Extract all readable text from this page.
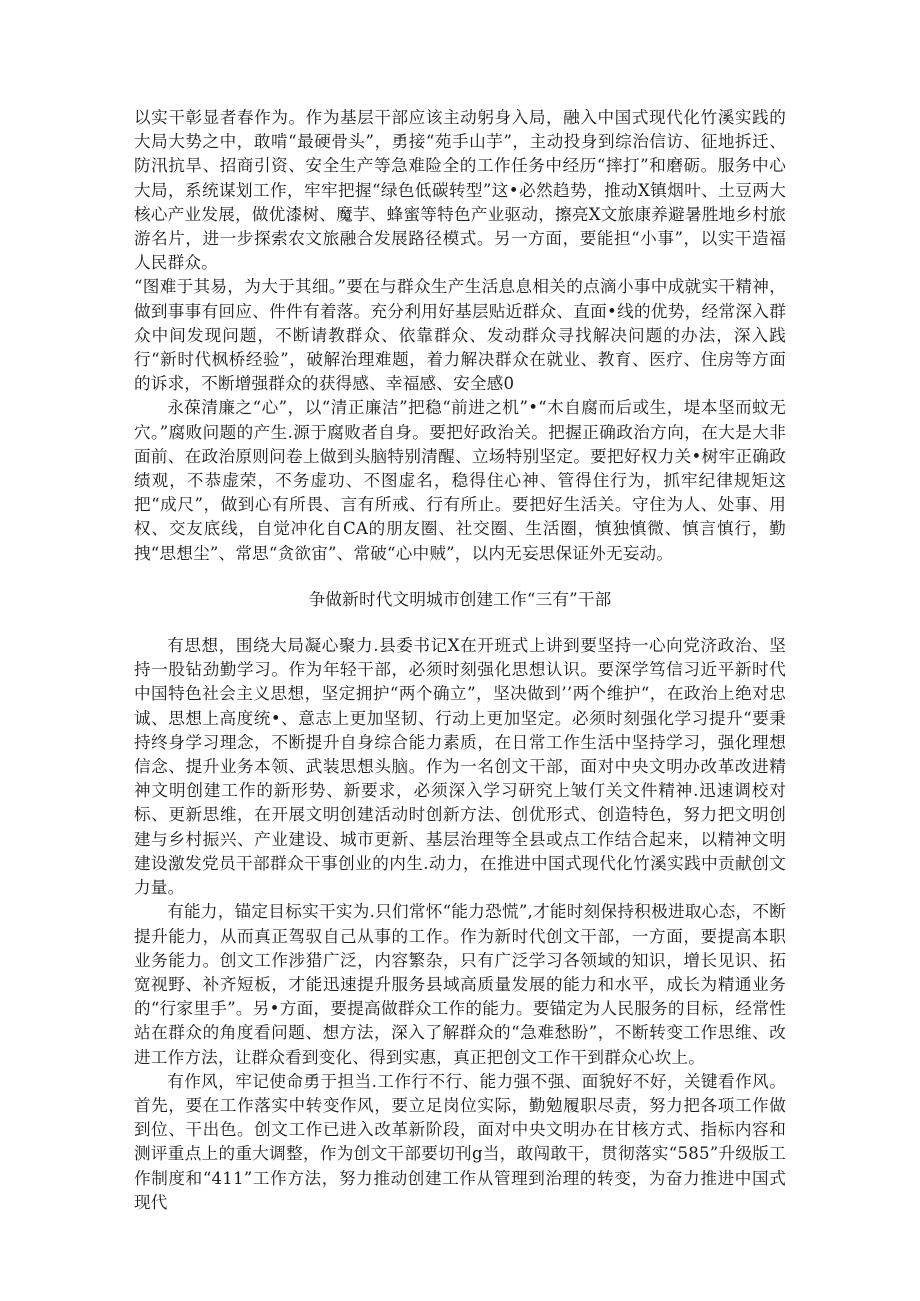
以实干彰显者春作为。作为基层干部应该主动躬身入局，融入中国式现代化竹溪实践的大局大势之中，敢啃“最硬骨头”，勇接“苑手山芋”，主动投身到综治信访、征地拆迁、防汛抗旱、招商引资、安全生产等急难险全的工作任务中经历“摔打”和磨砺。服务中心大局，系统谋划工作，牢牢把握“绿色低碳转型”这•必然趋势，推动X镇烟叶、土豆两大核心产业发展，做优漆树、魔芋、蜂蜜等特色产业驱动，擦亮X文旅康养避暑胜地乡村旅游名片，进一步探索农文旅融合发展路径模式。另一方面，要能担“小事”，以实干造福人民群众。

“图难于其易，为大于其细。”要在与群众生产生活息息相关的点滴小事中成就实干精神，做到事事有回应、件件有着落。充分利用好基层贴近群众、直面•线的优势，经常深入群众中间发现问题，不断请教群众、依靠群众、发动群众寻找解决问题的办法，深入践行“新时代枫桥经验”，破解治理难题，着力解决群众在就业、教育、医疗、住房等方面的诉求，不断增强群众的获得感、幸福感、安全感0

永葆清廉之“心”，以“清正廉洁”把稳“前进之机”•“木自腐而后或生，堤本坚而蚊无穴。”腐败问题的产生.源于腐败者自身。要把好政治关。把握正确政治方向，在大是大非面前、在政治原则问卷上做到头脑特别清醒、立场特别坚定。要把好权力关•树牢正确政绩观，不恭虚荣，不务虚功、不图虚名，稳得住心神、管得住行为，抓牢纪律规矩这把“成尺”，做到心有所畏、言有所戒、行有所止。要把好生活关。守住为人、处事、用权、交友底线，自觉冲化自CA的朋友圈、社交圈、生活圈，慎独慎微、慎言慎行，勤拽“思想尘”、常思“贪欲宙”、常破“心中贼”，以内无妄思保证外无妄动。

争做新时代文明城市创建工作“三有”干部

有思想，围绕大局凝心聚力.县委书记X在开班式上讲到要坚持一心向党济政治、坚持一股钻劲勤学习。作为年轻干部，必须时刻强化思想认识。要深学笃信习近平新时代中国特色社会主义思想，坚定拥护“两个确立”，坚决做到’’两个维护“，在政治上绝对忠诚、思想上高度统•、意志上更加坚韧、行动上更加坚定。必须时刻强化学习提升“要秉持终身学习理念，不断提升自身综合能力素质，在日常工作生活中坚持学习，强化理想信念、提升业务本领、武装思想头脑。作为一名创文干部，面对中央文明办改革改进精神文明创建工作的新形势、新要求，必须深入学习研究上皱仃关文件精神.迅速调校对标、更新思维，在开展文明创建活动时创新方法、创优形式、创造特色，努力把文明创建与乡村振兴、产业建设、城市更新、基层治理等全县或点工作结合起来，以精神文明建设激发党员干部群众干事创业的内生.动力，在推进中国式现代化竹溪实践中贡献创文力量。

有能力，锚定目标实干实为.只们常怀“能力恐慌”,才能时刻保持积极进取心态，不断提升能力，从而真正驾驭自己从事的工作。作为新时代创文干部，一方面，要提高本职业务能力。创文工作涉猎广泛，内容繁杂，只有广泛学习各领域的知识，增长见识、拓宽视野、补齐短板，才能迅速提升服务县域高质量发展的能力和水平，成长为精通业务的“行家里手”。另•方面，要提高做群众工作的能力。要锚定为人民服务的目标，经常性站在群众的角度看问题、想方法，深入了解群众的“急难愁盼”，不断转变工作思维、改进工作方法，让群众看到变化、得到实惠，真正把创文工作干到群众心坎上。

有作风，牢记使命勇于担当.工作行不行、能力强不强、面貌好不好，关键看作风。首先，要在工作落实中转变作风，要立足岗位实际，勤勉履职尽责，努力把各项工作做到位、干出色。创文工作已进入改革新阶段，面对中央文明办在甘核方式、指标内容和测评重点上的重大调整，作为创文干部要切刊g当，敢闯敢干，贯彻落实“585”升级版工作制度和“411”工作方法，努力推动创建工作从管理到治理的转变，为奋力推进中国式现代
